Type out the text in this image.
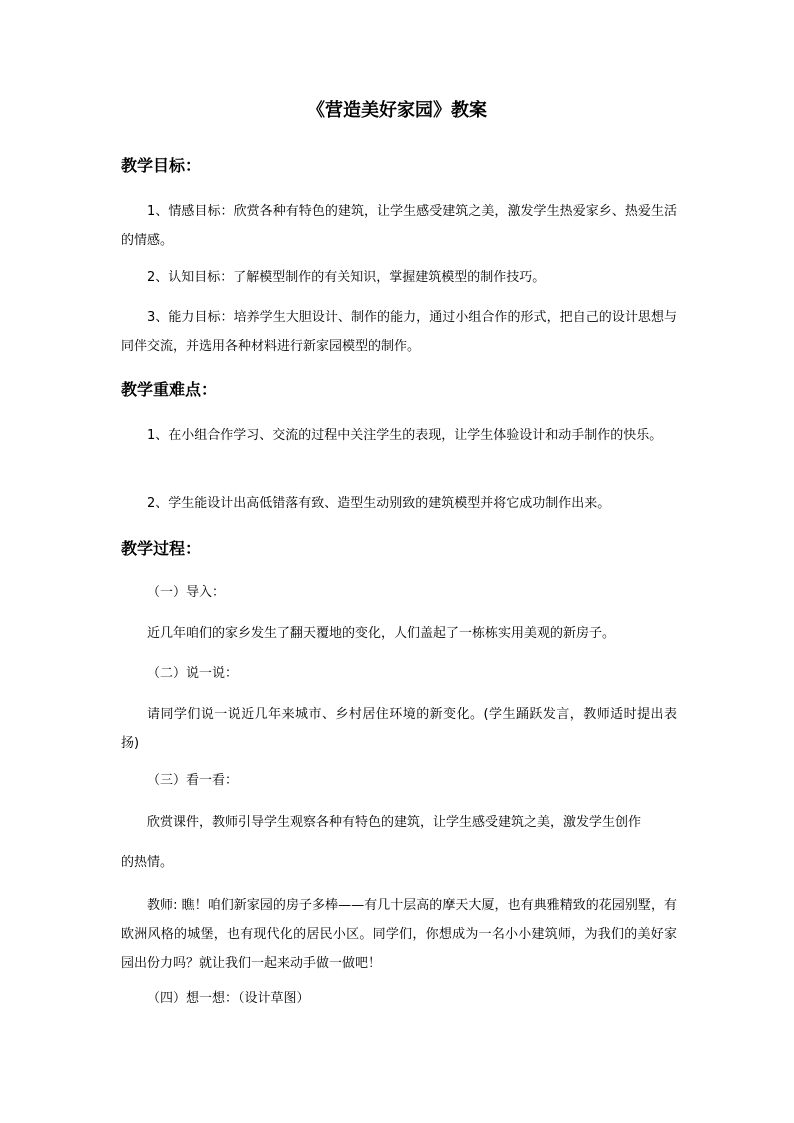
《营造美好家园》教案
教学目标：

1、情感目标：欣赏各种有特色的建筑，让学生感受建筑之美，激发学生热爱家乡、热爱生活的情感。

2、认知目标：了解模型制作的有关知识，掌握建筑模型的制作技巧。

3、能力目标：培养学生大胆设计、制作的能力，通过小组合作的形式，把自己的设计思想与同伴交流，并选用各种材料进行新家园模型的制作。

教学重难点：

1、在小组合作学习、交流的过程中关注学生的表现，让学生体验设计和动手制作的快乐。

2、学生能设计出高低错落有致、造型生动别致的建筑模型并将它成功制作出来。

教学过程：

（一）导入：

近几年咱们的家乡发生了翻天覆地的变化，人们盖起了一栋栋实用美观的新房子。

（二）说一说：

请同学们说一说近几年来城市、乡村居住环境的新变化。(学生踊跃发言，教师适时提出表扬)

（三）看一看：

欣赏课件，教师引导学生观察各种有特色的建筑，让学生感受建筑之美，激发学生创作

的热情。

教师: 瞧！咱们新家园的房子多棒——有几十层高的摩天大厦，也有典雅精致的花园别墅，有欧洲风格的城堡，也有现代化的居民小区。同学们，你想成为一名小小建筑师，为我们的美好家园出份力吗？就让我们一起来动手做一做吧！

（四）想一想：（设计草图）
